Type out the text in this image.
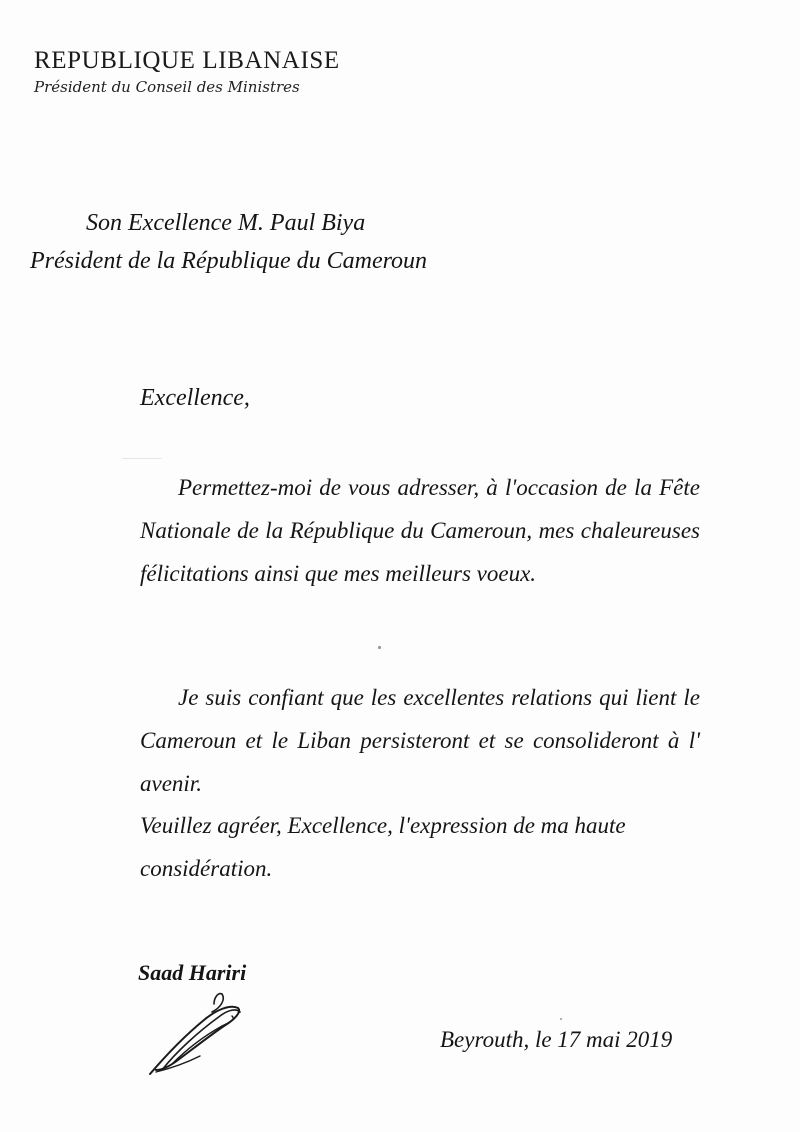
REPUBLIQUE LIBANAISE
Président du Conseil des Ministres
Son Excellence M. Paul Biya
Président de la République du Cameroun
Excellence,
Permettez-moi de vous adresser, à l'occasion de la Fête Nationale de la République du Cameroun, mes chaleureuses félicitations ainsi que mes meilleurs voeux.
Je suis confiant que les excellentes relations qui lient le Cameroun et le Liban persisteront et se consolideront à l' avenir.
Veuillez agréer, Excellence, l'expression de ma haute considération.
Saad Hariri
Beyrouth, le 17 mai 2019
